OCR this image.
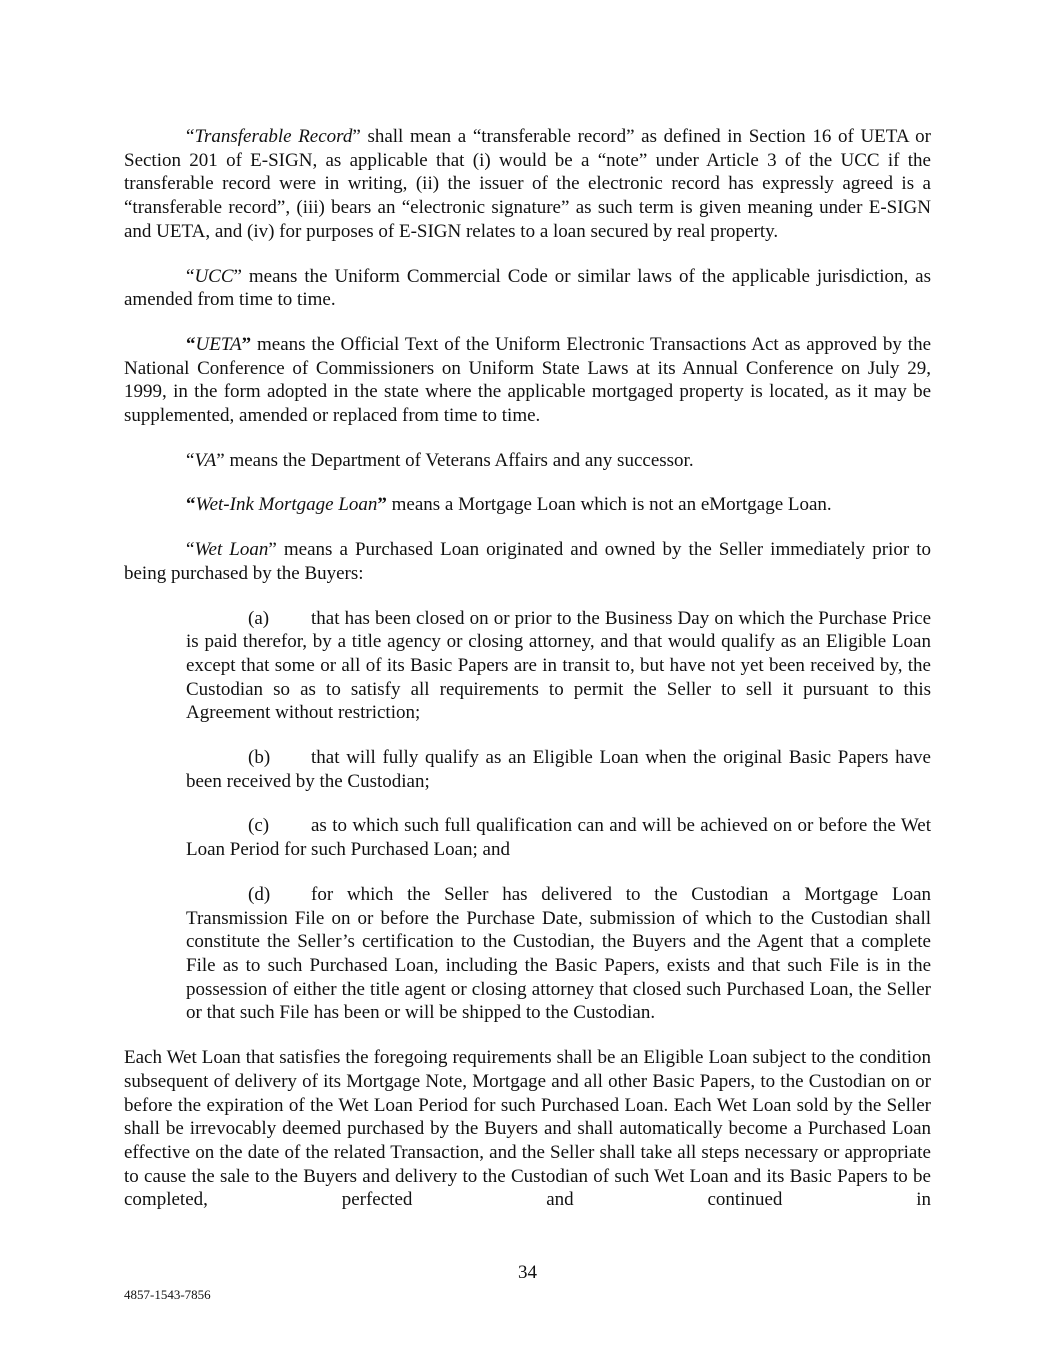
“Transferable Record” shall mean a “transferable record” as defined in Section 16 of UETA or Section 201 of E-SIGN, as applicable that (i) would be a “note” under Article 3 of the UCC if the transferable record were in writing, (ii) the issuer of the electronic record has expressly agreed is a “transferable record”, (iii) bears an “electronic signature” as such term is given meaning under E-SIGN and UETA, and (iv) for purposes of E-SIGN relates to a loan secured by real property.

“UCC” means the Uniform Commercial Code or similar laws of the applicable jurisdiction, as amended from time to time.

“UETA” means the Official Text of the Uniform Electronic Transactions Act as approved by the National Conference of Commissioners on Uniform State Laws at its Annual Conference on July 29, 1999, in the form adopted in the state where the applicable mortgaged property is located, as it may be supplemented, amended or replaced from time to time.

“VA” means the Department of Veterans Affairs and any successor.

“Wet-Ink Mortgage Loan” means a Mortgage Loan which is not an eMortgage Loan.

“Wet Loan” means a Purchased Loan originated and owned by the Seller immediately prior to being purchased by the Buyers:

(a) that has been closed on or prior to the Business Day on which the Purchase Price is paid therefor, by a title agency or closing attorney, and that would qualify as an Eligible Loan except that some or all of its Basic Papers are in transit to, but have not yet been received by, the Custodian so as to satisfy all requirements to permit the Seller to sell it pursuant to this Agreement without restriction;

(b) that will fully qualify as an Eligible Loan when the original Basic Papers have been received by the Custodian;

(c) as to which such full qualification can and will be achieved on or before the Wet Loan Period for such Purchased Loan; and

(d) for which the Seller has delivered to the Custodian a Mortgage Loan Transmission File on or before the Purchase Date, submission of which to the Custodian shall constitute the Seller’s certification to the Custodian, the Buyers and the Agent that a complete File as to such Purchased Loan, including the Basic Papers, exists and that such File is in the possession of either the title agent or closing attorney that closed such Purchased Loan, the Seller or that such File has been or will be shipped to the Custodian.

Each Wet Loan that satisfies the foregoing requirements shall be an Eligible Loan subject to the condition subsequent of delivery of its Mortgage Note, Mortgage and all other Basic Papers, to the Custodian on or before the expiration of the Wet Loan Period for such Purchased Loan. Each Wet Loan sold by the Seller shall be irrevocably deemed purchased by the Buyers and shall automatically become a Purchased Loan effective on the date of the related Transaction, and the Seller shall take all steps necessary or appropriate to cause the sale to the Buyers and delivery to the Custodian of such Wet Loan and its Basic Papers to be completed, perfected and continued in

34
4857-1543-7856
